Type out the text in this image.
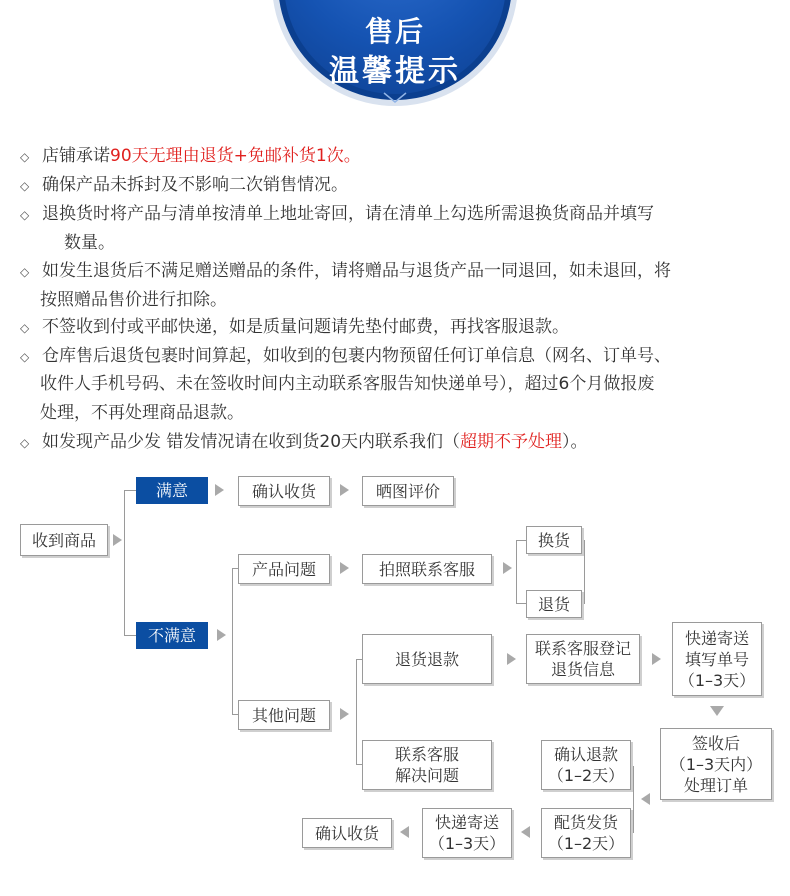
售后
温馨提示
◇ 店铺承诺90天无理由退货+免邮补货1次。
◇ 确保产品未拆封及不影响二次销售情况。
◇ 退换货时将产品与清单按清单上地址寄回，请在清单上勾选所需退换货商品并填写
数量。
◇ 如发生退货后不满足赠送赠品的条件，请将赠品与退货产品一同退回，如未退回，将
按照赠品售价进行扣除。
◇ 不签收到付或平邮快递，如是质量问题请先垫付邮费，再找客服退款。
◇ 仓库售后退货包裹时间算起，如收到的包裹内物预留任何订单信息（网名、订单号、
收件人手机号码、未在签收时间内主动联系客服告知快递单号），超过6个月做报废
处理，不再处理商品退款。
◇ 如发现产品少发 错发情况请在收到货20天内联系我们（超期不予处理）。
收到商品
满意	确认收货	晒图评价
不满意
产品问题	拍照联系客服
换货
退货
其他问题
退货退款
联系客服登记
退货信息
快递寄送
填写单号
（1–3天）
签收后
（1–3天内）
处理订单
确认退款
（1–2天）
联系客服
解决问题
配货发货
（1–2天）
快递寄送
（1–3天）
确认收货
